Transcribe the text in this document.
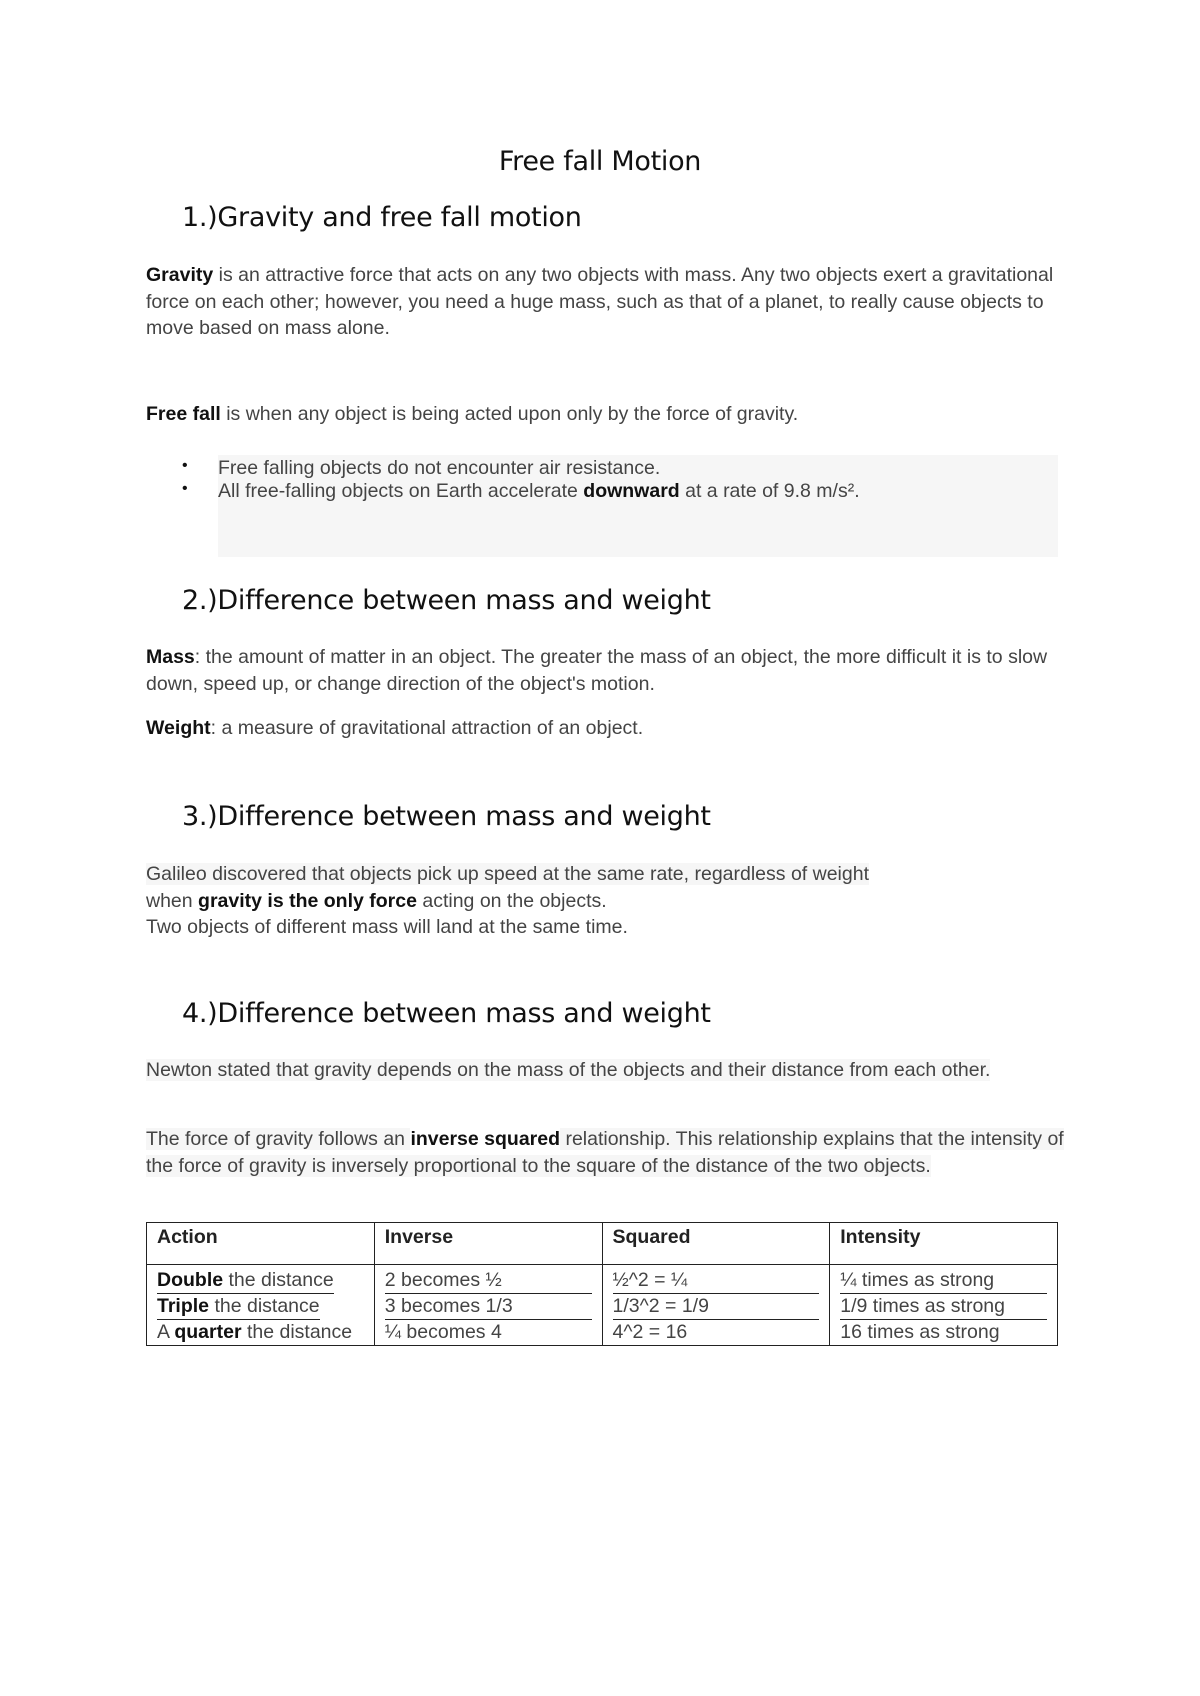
Free fall Motion
1.)Gravity and free fall motion
Gravity is an attractive force that acts on any two objects with mass. Any two objects exert a gravitational force on each other; however, you need a huge mass, such as that of a planet, to really cause objects to move based on mass alone.
Free fall is when any object is being acted upon only by the force of gravity.
• Free falling objects do not encounter air resistance.
• All free-falling objects on Earth accelerate downward at a rate of 9.8 m/s².
2.)Difference between mass and weight
Mass: the amount of matter in an object. The greater the mass of an object, the more difficult it is to slow down, speed up, or change direction of the object's motion.
Weight: a measure of gravitational attraction of an object.
3.)Difference between mass and weight
Galileo discovered that objects pick up speed at the same rate, regardless of weight
when gravity is the only force acting on the objects.
Two objects of different mass will land at the same time.
4.)Difference between mass and weight
Newton stated that gravity depends on the mass of the objects and their distance from each other.
The force of gravity follows an inverse squared relationship. This relationship explains that the intensity of the force of gravity is inversely proportional to the square of the distance of the two objects.
Action	Inverse	Squared	Intensity
Double the distance	2 becomes ½	½^2 = ¼	¼ times as strong
Triple the distance	3 becomes 1/3	1/3^2 = 1/9	1/9 times as strong
A quarter the distance	¼ becomes 4	4^2 = 16	16 times as strong
